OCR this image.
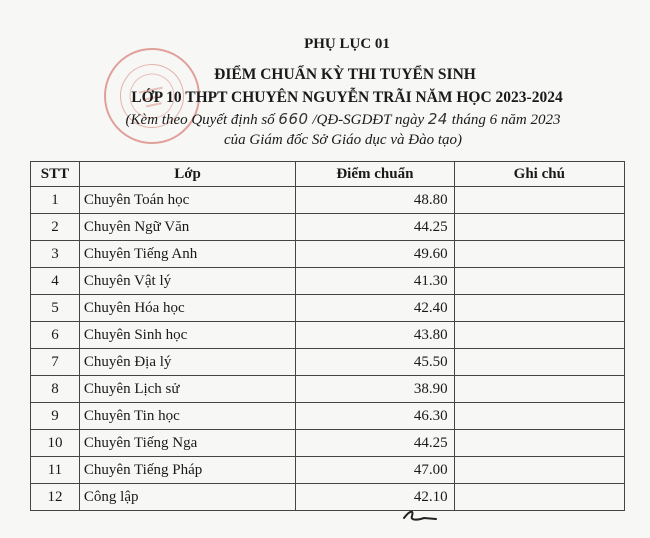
PHỤ LỤC 01
ĐIỂM CHUẨN KỲ THI TUYỂN SINH
LỚP 10 THPT CHUYÊN NGUYỄN TRÃI NĂM HỌC 2023-2024
(Kèm theo Quyết định số 660 /QĐ-SGDĐT ngày 24 tháng 6 năm 2023
của Giám đốc Sở Giáo dục và Đào tạo)
STT	Lớp	Điểm chuẩn	Ghi chú
1	Chuyên Toán học	48.80	
2	Chuyên Ngữ Văn	44.25	
3	Chuyên Tiếng Anh	49.60	
4	Chuyên Vật lý	41.30	
5	Chuyên Hóa học	42.40	
6	Chuyên Sinh học	43.80	
7	Chuyên Địa lý	45.50	
8	Chuyên Lịch sử	38.90	
9	Chuyên Tin học	46.30	
10	Chuyên Tiếng Nga	44.25	
11	Chuyên Tiếng Pháp	47.00	
12	Công lập	42.10	
